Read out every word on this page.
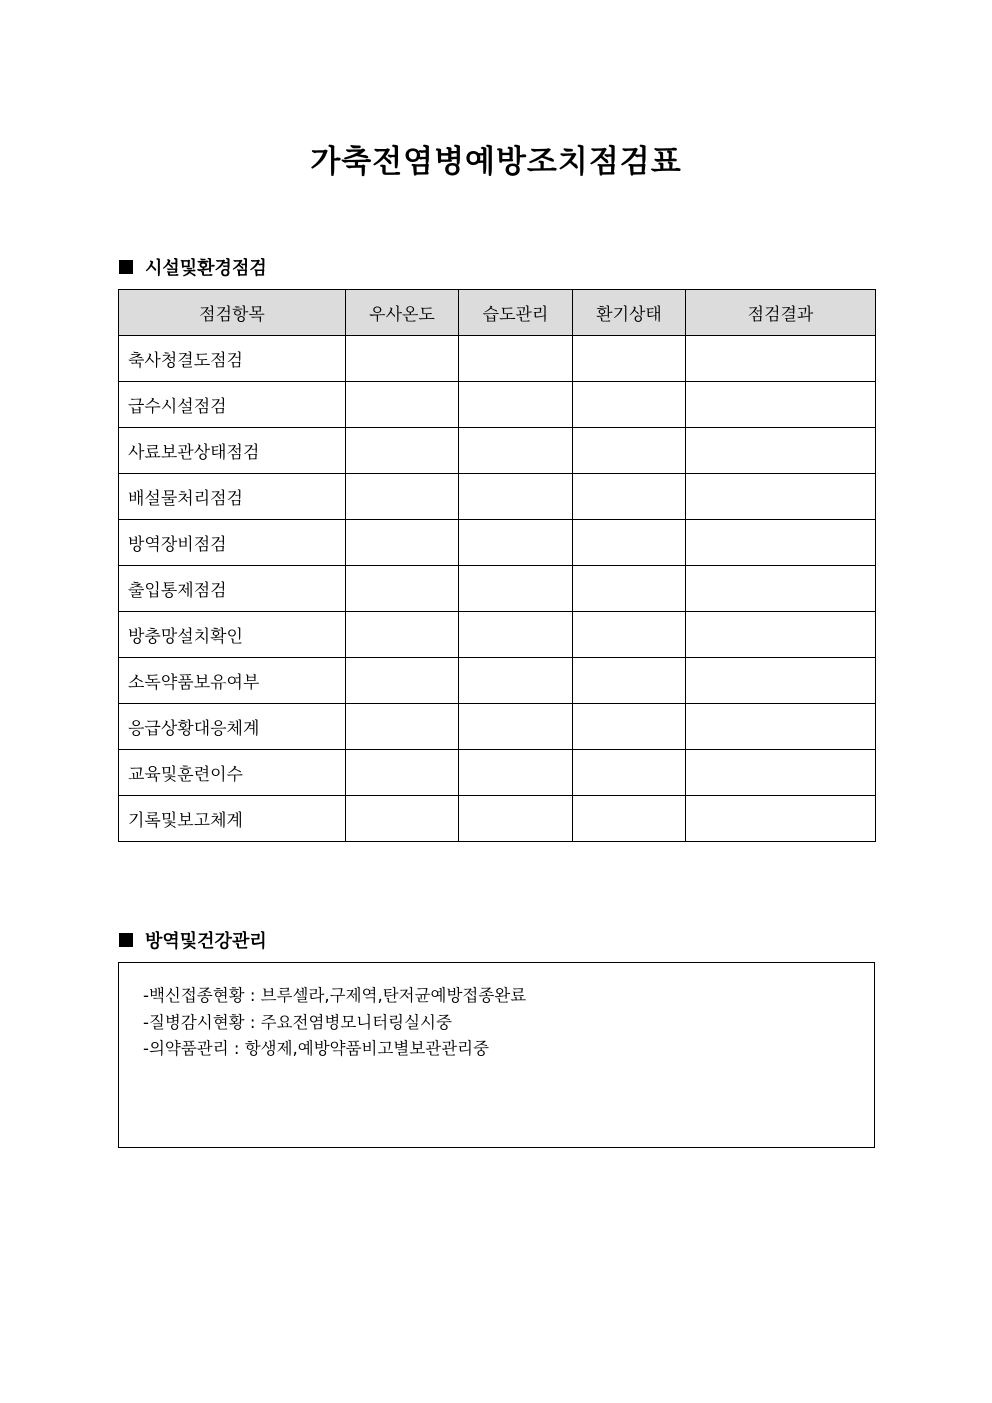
가축전염병예방조치점검표
시설및환경점검
점검항목	우사온도	습도관리	환기상태	점검결과
축사청결도점검				
급수시설점검				
사료보관상태점검				
배설물처리점검				
방역장비점검				
출입통제점검				
방충망설치확인				
소독약품보유여부				
응급상황대응체계				
교육및훈련이수				
기록및보고체계				
방역및건강관리
-백신접종현황 : 브루셀라,구제역,탄저균예방접종완료
-질병감시현황 : 주요전염병모니터링실시중
-의약품관리 : 항생제,예방약품비고별보관관리중
